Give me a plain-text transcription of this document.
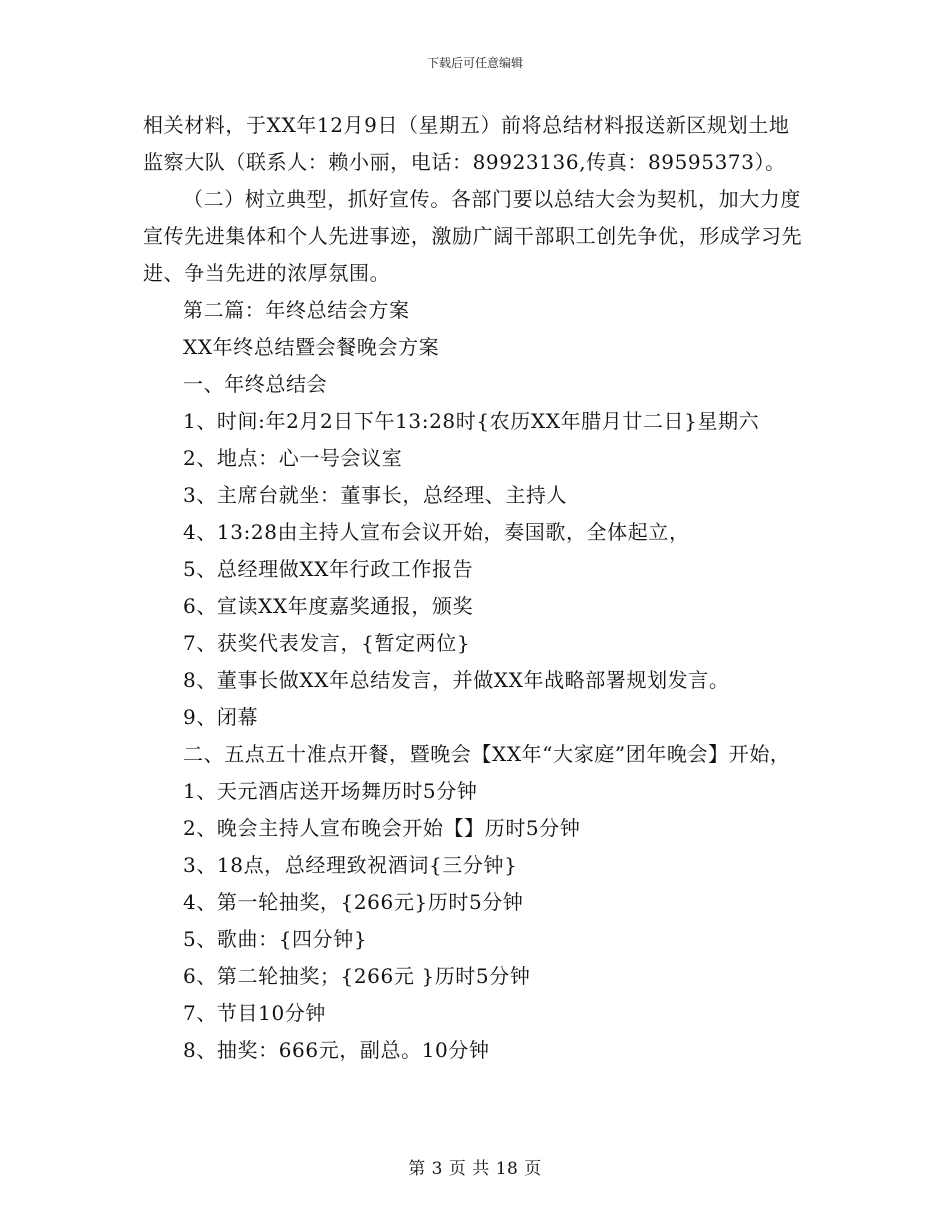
下载后可任意编辑

相关材料，于XX年12月9日（星期五）前将总结材料报送新区规划土地监察大队（联系人：赖小丽，电话：89923136,传真：89595373）。

（二）树立典型，抓好宣传。各部门要以总结大会为契机，加大力度宣传先进集体和个人先进事迹，激励广阔干部职工创先争优，形成学习先进、争当先进的浓厚氛围。

第二篇：年终总结会方案

XX年终总结暨会餐晚会方案

一、年终总结会

1、时间:年2月2日下午13:28时{农历XX年腊月廿二日}星期六

2、地点：心一号会议室

3、主席台就坐：董事长，总经理、主持人

4、13:28由主持人宣布会议开始，奏国歌，全体起立，

5、总经理做XX年行政工作报告

6、宣读XX年度嘉奖通报，颁奖

7、获奖代表发言，{暂定两位}

8、董事长做XX年总结发言，并做XX年战略部署规划发言。

9、闭幕

二、五点五十准点开餐，暨晚会【XX年“大家庭”团年晚会】开始，

1、天元酒店送开场舞历时5分钟

2、晚会主持人宣布晚会开始【】历时5分钟

3、18点，总经理致祝酒词{三分钟}

4、第一轮抽奖，{266元}历时5分钟

5、歌曲：{四分钟}

6、第二轮抽奖；{266元 }历时5分钟

7、节目10分钟

8、抽奖：666元，副总。10分钟

第 3 页 共 18 页
